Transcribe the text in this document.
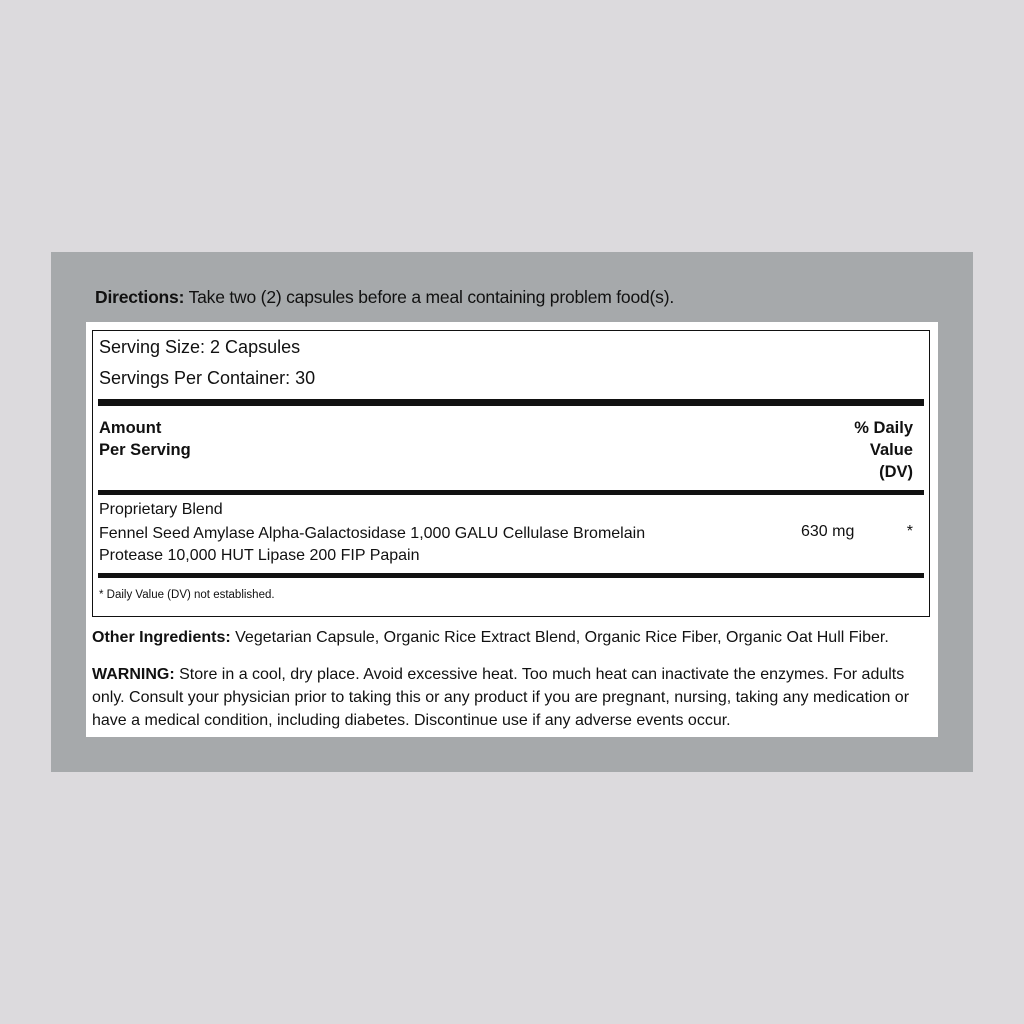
Directions: Take two (2) capsules before a meal containing problem food(s).
Serving Size: 2 Capsules
Servings Per Container: 30
Amount
Per Serving
% Daily
Value
(DV)
Proprietary Blend
Fennel Seed Amylase Alpha-Galactosidase 1,000 GALU Cellulase Bromelain Protease 10,000 HUT Lipase 200 FIP Papain
630 mg	*
* Daily Value (DV) not established.
Other Ingredients: Vegetarian Capsule, Organic Rice Extract Blend, Organic Rice Fiber, Organic Oat Hull Fiber.
WARNING: Store in a cool, dry place. Avoid excessive heat. Too much heat can inactivate the enzymes. For adults only. Consult your physician prior to taking this or any product if you are pregnant, nursing, taking any medication or have a medical condition, including diabetes. Discontinue use if any adverse events occur.
